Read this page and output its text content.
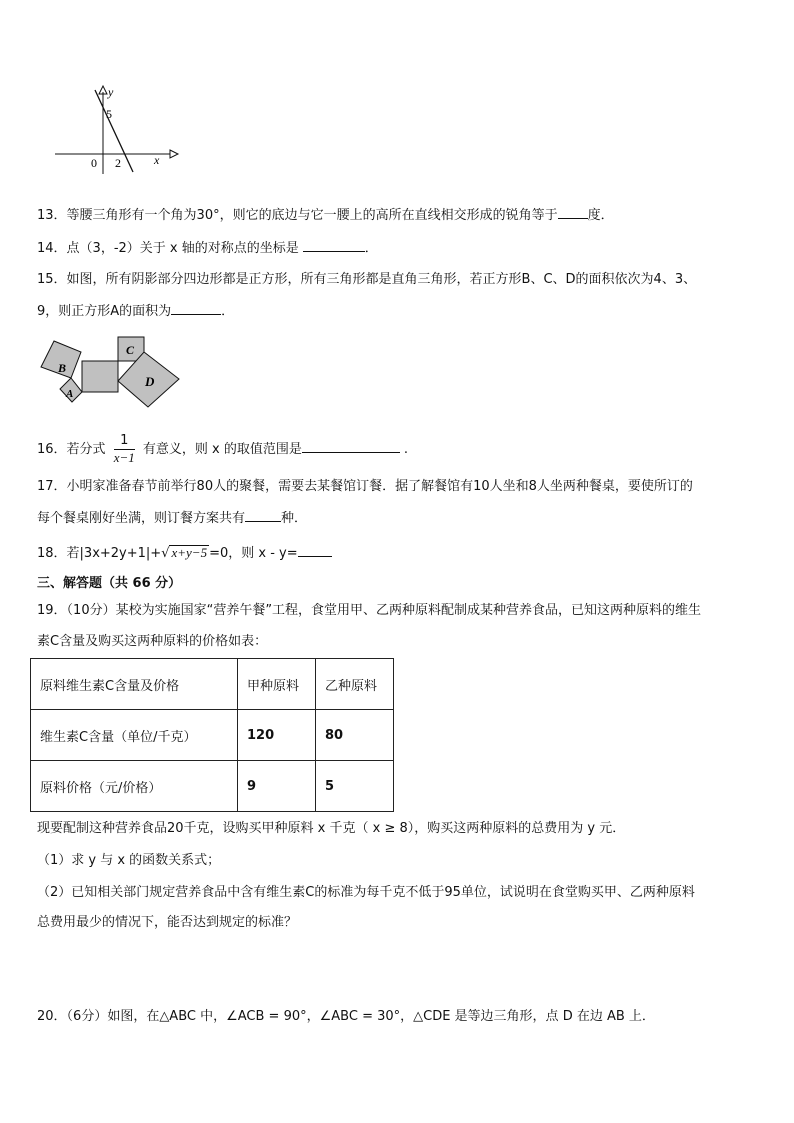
y
x
0 2
5
13．等腰三角形有一个角为30°，则它的底边与它一腰上的高所在直线相交形成的锐角等于 度．
14．点（3，-2）关于 x 轴的对称点的坐标是	．
15．如图，所有阴影部分四边形都是正方形，所有三角形都是直角三角形，若正方形B、C、D的面积依次为4、3、
9，则正方形A的面积为	．
B
A
C
D
16．若分式 $\frac{1}{x-1}$ 有意义，则 x 的取值范围是	.
17．小明家准备春节前举行80人的聚餐，需要去某餐馆订餐．据了解餐馆有10人坐和8人坐两种餐桌，要使所订的
每个餐桌刚好坐满，则订餐方案共有	种．
18．若|3x+2y+1|+√ x+y−5 =0，则 x - y=
三、解答题（共 66 分）
19．（10分）某校为实施国家“营养午餐”工程，食堂用甲、乙两种原料配制成某种营养食品，已知这两种原料的维生
素C含量及购买这两种原料的价格如表：
原料维生素C含量及价格	甲种原料	乙种原料
维生素C含量（单位/千克）	120	80
原料价格（元/价格）	9	5
现要配制这种营养食品20千克，设购买甲种原料 x 千克（ x ≥ 8），购买这两种原料的总费用为 y 元．
（1）求 y 与 x 的函数关系式；
（2）已知相关部门规定营养食品中含有维生素C的标准为每千克不低于95单位，试说明在食堂购买甲、乙两种原料
总费用最少的情况下，能否达到规定的标准？
20．（6分）如图，在△ABC 中，∠ACB = 90°，∠ABC = 30°，△CDE 是等边三角形，点 D 在边 AB 上．
